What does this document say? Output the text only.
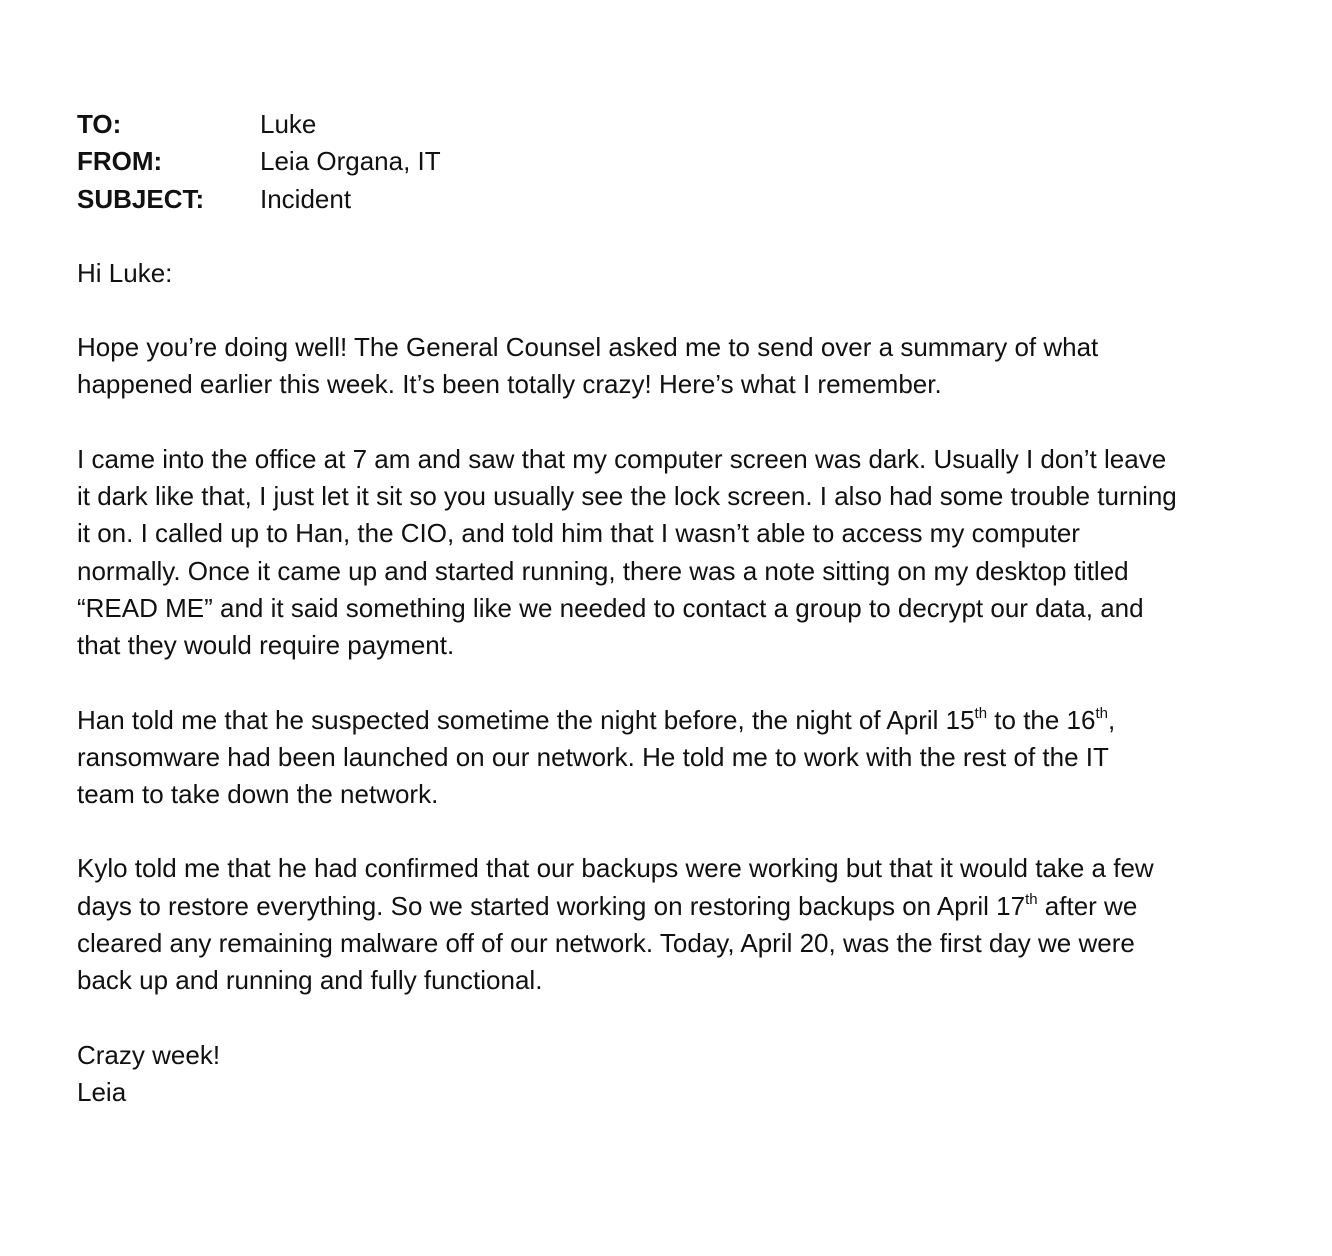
TO:	Luke
FROM:	Leia Organa, IT
SUBJECT:	Incident
Hi Luke:
Hope you’re doing well! The General Counsel asked me to send over a summary of what
happened earlier this week. It’s been totally crazy! Here’s what I remember.
I came into the office at 7 am and saw that my computer screen was dark. Usually I don’t leave
it dark like that, I just let it sit so you usually see the lock screen. I also had some trouble turning
it on. I called up to Han, the CIO, and told him that I wasn’t able to access my computer
normally. Once it came up and started running, there was a note sitting on my desktop titled
“READ ME” and it said something like we needed to contact a group to decrypt our data, and
that they would require payment.
Han told me that he suspected sometime the night before, the night of April 15th to the 16th,
ransomware had been launched on our network. He told me to work with the rest of the IT
team to take down the network.
Kylo told me that he had confirmed that our backups were working but that it would take a few
days to restore everything. So we started working on restoring backups on April 17th after we
cleared any remaining malware off of our network. Today, April 20, was the first day we were
back up and running and fully functional.
Crazy week!
Leia
